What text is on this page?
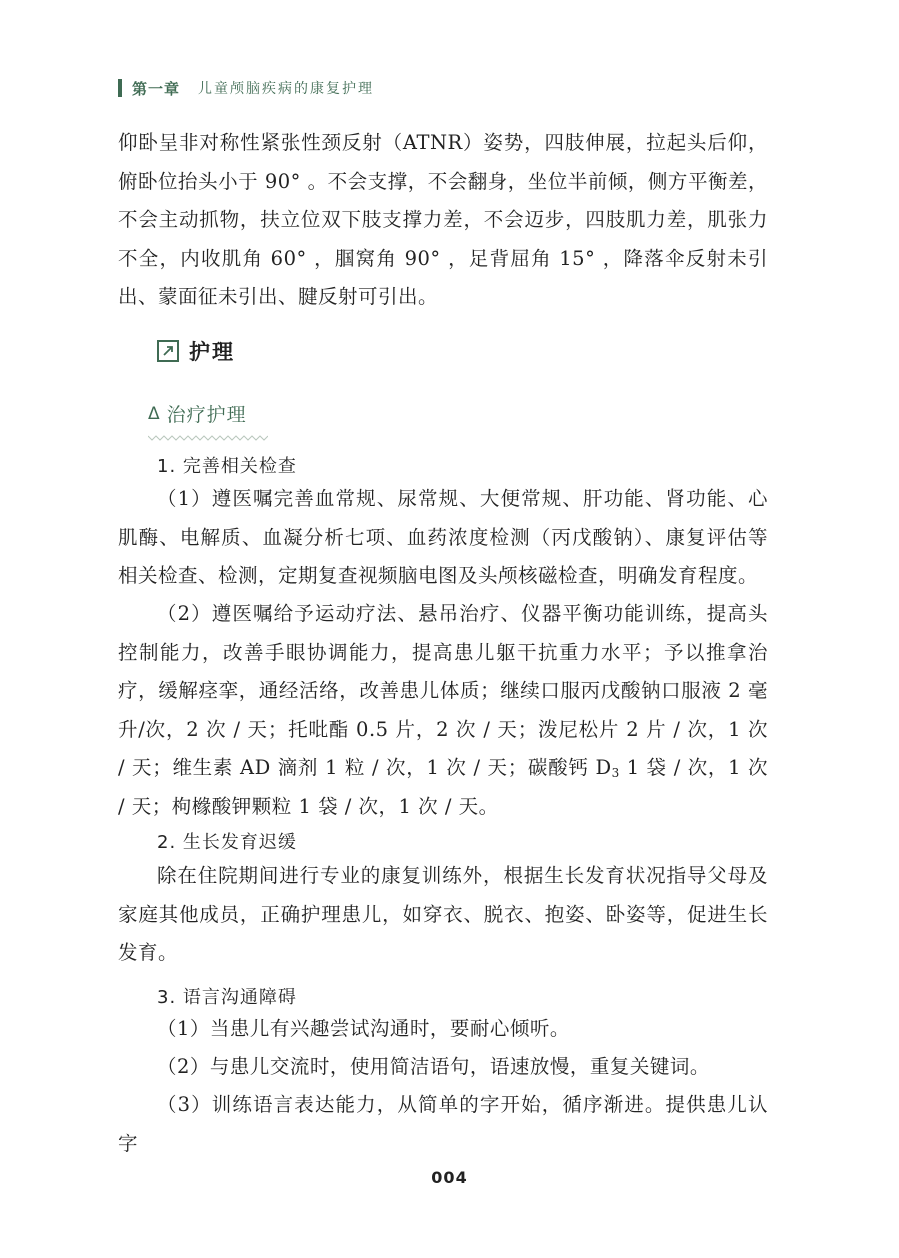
第一章 儿童颅脑疾病的康复护理

仰卧呈非对称性紧张性颈反射（ATNR）姿势，四肢伸展，拉起头后仰，俯卧位抬头小于 90° 。不会支撑，不会翻身，坐位半前倾，侧方平衡差，不会主动抓物，扶立位双下肢支撑力差，不会迈步，四肢肌力差，肌张力不全，内收肌角 60° ，腘窝角 90° ，足背屈角 15° ，降落伞反射未引出、蒙面征未引出、腱反射可引出。

护理
Δ 治疗护理
1. 完善相关检查

（1）遵医嘱完善血常规、尿常规、大便常规、肝功能、肾功能、心肌酶、电解质、血凝分析七项、血药浓度检测（丙戊酸钠）、康复评估等相关检查、检测，定期复查视频脑电图及头颅核磁检查，明确发育程度。

（2）遵医嘱给予运动疗法、悬吊治疗、仪器平衡功能训练，提高头控制能力，改善手眼协调能力，提高患儿躯干抗重力水平；予以推拿治疗，缓解痉挛，通经活络，改善患儿体质；继续口服丙戊酸钠口服液 2 毫升/次，2 次 / 天；托吡酯 0.5 片，2 次 / 天；泼尼松片 2 片 / 次，1 次 / 天；维生素 AD 滴剂 1 粒 / 次，1 次 / 天；碳酸钙 $D_3$ 1 袋 / 次，1 次 / 天；枸橼酸钾颗粒 1 袋 / 次，1 次 / 天。

2. 生长发育迟缓

除在住院期间进行专业的康复训练外，根据生长发育状况指导父母及家庭其他成员，正确护理患儿，如穿衣、脱衣、抱姿、卧姿等，促进生长发育。

3. 语言沟通障碍

（1）当患儿有兴趣尝试沟通时，要耐心倾听。

（2）与患儿交流时，使用简洁语句，语速放慢，重复关键词。

（3）训练语言表达能力，从简单的字开始，循序渐进。提供患儿认字

004
